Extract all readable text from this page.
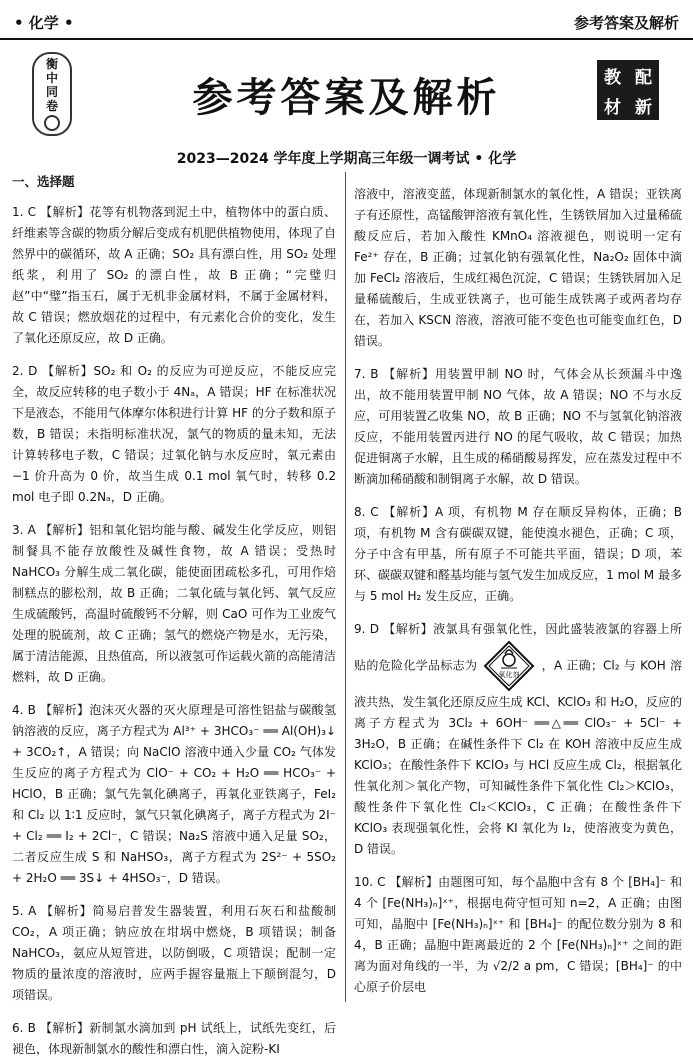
• 化学 •	参考答案及解析
衡
中
同
卷	参考答案及解析	教 配
材 新
2023—2024 学年度上学期高三年级一调考试 • 化学
一、选择题

1. C 【解析】花等有机物落到泥土中，植物体中的蛋白质、纤维素等含碳的物质分解后变成有机肥供植物使用，体现了自然界中的碳循环，故 A 正确；SO₂ 具有漂白性，用 SO₂ 处理纸浆，利用了 SO₂ 的漂白性，故 B 正确；“完璧归赵”中“璧”指玉石，属于无机非金属材料，不属于金属材料，故 C 错误；燃放烟花的过程中，有元素化合价的变化，发生了氧化还原反应，故 D 正确。

2. D 【解析】SO₂ 和 O₂ 的反应为可逆反应，不能反应完全，故反应转移的电子数小于 4Nₐ，A 错误；HF 在标准状况下是液态，不能用气体摩尔体积进行计算 HF 的分子数和原子数，B 错误；未指明标准状况，氯气的物质的量未知，无法计算转移电子数，C 错误；过氧化钠与水反应时，氧元素由 −1 价升高为 0 价，故当生成 0.1 mol 氧气时，转移 0.2 mol 电子即 0.2Nₐ，D 正确。

3. A 【解析】铝和氧化铝均能与酸、碱发生化学反应，则铝制餐具不能存放酸性及碱性食物，故 A 错误；受热时 NaHCO₃ 分解生成二氧化碳，能使面团疏松多孔，可用作焙制糕点的膨松剂，故 B 正确；二氧化硫与氧化钙、氧气反应生成硫酸钙，高温时硫酸钙不分解，则 CaO 可作为工业废气处理的脱硫剂，故 C 正确；氢气的燃烧产物是水，无污染，属于清洁能源，且热值高，所以液氢可作运载火箭的高能清洁燃料，故 D 正确。

4. B 【解析】泡沫灭火器的灭火原理是可溶性铝盐与碳酸氢钠溶液的反应，离子方程式为 Al³⁺ + 3HCO₃⁻ ══ Al(OH)₃↓ + 3CO₂↑，A 错误；向 NaClO 溶液中通入少量 CO₂ 气体发生反应的离子方程式为 ClO⁻ + CO₂ + H₂O ══ HCO₃⁻ + HClO，B 正确；氯气先氧化碘离子，再氧化亚铁离子，FeI₂ 和 Cl₂ 以 1∶1 反应时，氯气只氧化碘离子，离子方程式为 2I⁻ + Cl₂ ══ I₂ + 2Cl⁻，C 错误；Na₂S 溶液中通入足量 SO₂，二者反应生成 S 和 NaHSO₃，离子方程式为 2S²⁻ + 5SO₂ + 2H₂O ══ 3S↓ + 4HSO₃⁻，D 错误。

5. A 【解析】简易启普发生器装置，利用石灰石和盐酸制 CO₂，A 项正确；钠应放在坩埚中燃烧，B 项错误；制备 NaHCO₃，氨应从短管进，以防倒吸，C 项错误；配制一定物质的量浓度的溶液时，应两手握容量瓶上下颠倒混匀，D 项错误。

6. B 【解析】新制氯水滴加到 pH 试纸上，试纸先变红，后褪色，体现新制氯水的酸性和漂白性，滴入淀粉-KI

溶液中，溶液变蓝，体现新制氯水的氧化性，A 错误；亚铁离子有还原性，高锰酸钾溶液有氧化性，生锈铁屑加入过量稀硫酸反应后，若加入酸性 KMnO₄ 溶液褪色，则说明一定有 Fe²⁺ 存在，B 正确；过氧化钠有强氧化性，Na₂O₂ 固体中滴加 FeCl₂ 溶液后，生成红褐色沉淀，C 错误；生锈铁屑加入足量稀硫酸后，生成亚铁离子，也可能生成铁离子或两者均存在，若加入 KSCN 溶液，溶液可能不变色也可能变血红色，D 错误。

7. B 【解析】用装置甲制 NO 时，气体会从长颈漏斗中逸出，故不能用装置甲制 NO 气体，故 A 错误；NO 不与水反应，可用装置乙收集 NO，故 B 正确；NO 不与氢氧化钠溶液反应，不能用装置丙进行 NO 的尾气吸收，故 C 错误；加热促进铜离子水解，且生成的稀硝酸易挥发，应在蒸发过程中不断滴加稀硝酸和制铜离子水解，故 D 错误。

8. C 【解析】A 项，有机物 M 存在顺反异构体，正确；B 项，有机物 M 含有碳碳双键，能使溴水褪色，正确；C 项，分子中含有甲基，所有原子不可能共平面，错误；D 项，苯环、碳碳双键和醛基均能与氢气发生加成反应，1 mol M 最多与 5 mol H₂ 发生反应，正确。

9. D 【解析】液氯具有强氧化性，因此盛装液氯的容器上所贴的危险化学品标志为
氧化剂
，A 正确；Cl₂ 与 KOH 溶液共热，发生氧化还原反应生成 KCl、KClO₃ 和 H₂O，反应的离子方程式为 3Cl₂ + 6OH⁻ ══△══ ClO₃⁻ + 5Cl⁻ + 3H₂O，B 正确；在碱性条件下 Cl₂ 在 KOH 溶液中反应生成 KClO₃；在酸性条件下 KClO₃ 与 HCl 反应生成 Cl₂，根据氧化性氧化剂＞氧化产物，可知碱性条件下氧化性 Cl₂＞KClO₃，酸性条件下氧化性 Cl₂＜KClO₃，C 正确；在酸性条件下 KClO₃ 表现强氧化性，会将 KI 氧化为 I₂，使溶液变为黄色，D 错误。

10. C 【解析】由题图可知，每个晶胞中含有 8 个 [BH₄]⁻ 和 4 个 [Fe(NH₃)ₙ]ˣ⁺，根据电荷守恒可知 n=2，A 正确；由图可知，晶胞中 [Fe(NH₃)ₙ]ˣ⁺ 和 [BH₄]⁻ 的配位数分别为 8 和 4，B 正确；晶胞中距离最近的 2 个 [Fe(NH₃)ₙ]ˣ⁺ 之间的距离为面对角线的一半，为 √2/2 a pm，C 错误；[BH₄]⁻ 的中心原子价层电
